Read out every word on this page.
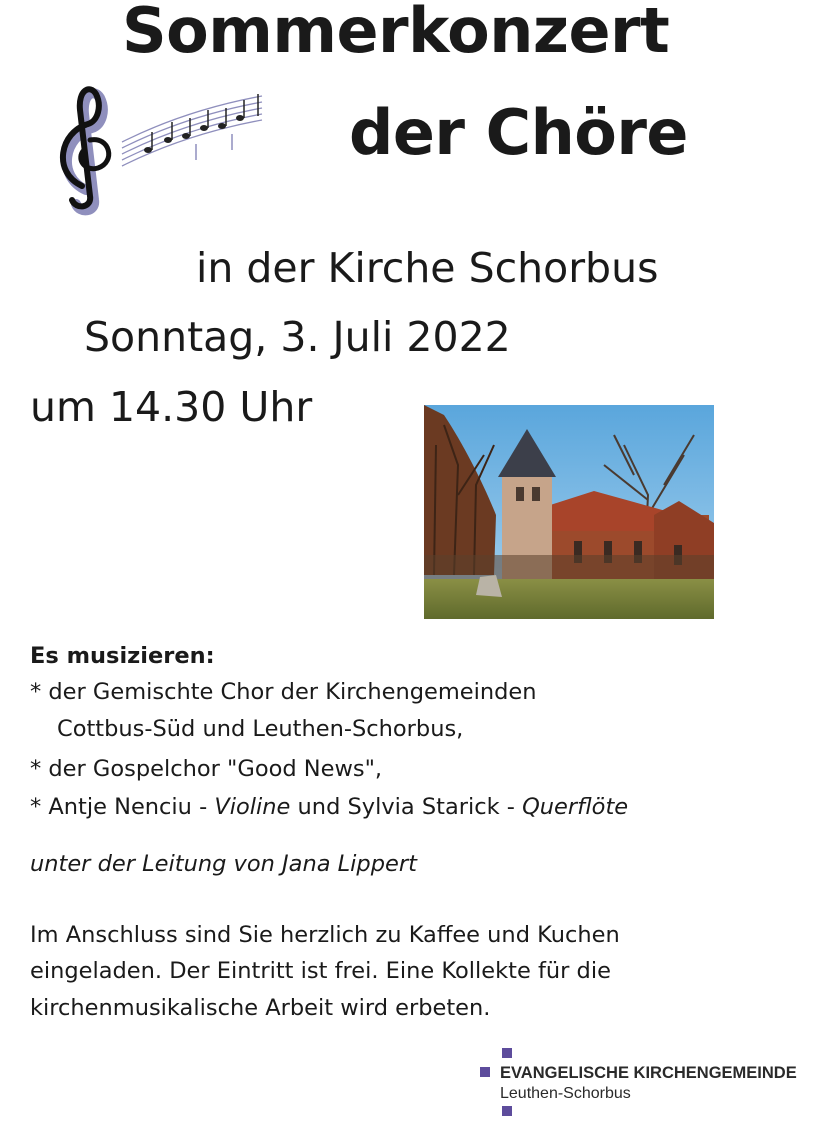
Sommerkonzert
der Chöre
in der Kirche Schorbus
Sonntag, 3. Juli 2022
um 14.30 Uhr
Es musizieren:
* der Gemischte Chor der Kirchengemeinden
Cottbus-Süd und Leuthen-Schorbus,
* der Gospelchor "Good News",
* Antje Nenciu - Violine und Sylvia Starick - Querflöte
unter der Leitung von Jana Lippert
Im Anschluss sind Sie herzlich zu Kaffee und Kuchen
eingeladen. Der Eintritt ist frei. Eine Kollekte für die
kirchenmusikalische Arbeit wird erbeten.
EVANGELISCHE KIRCHENGEMEINDE
Leuthen-Schorbus
